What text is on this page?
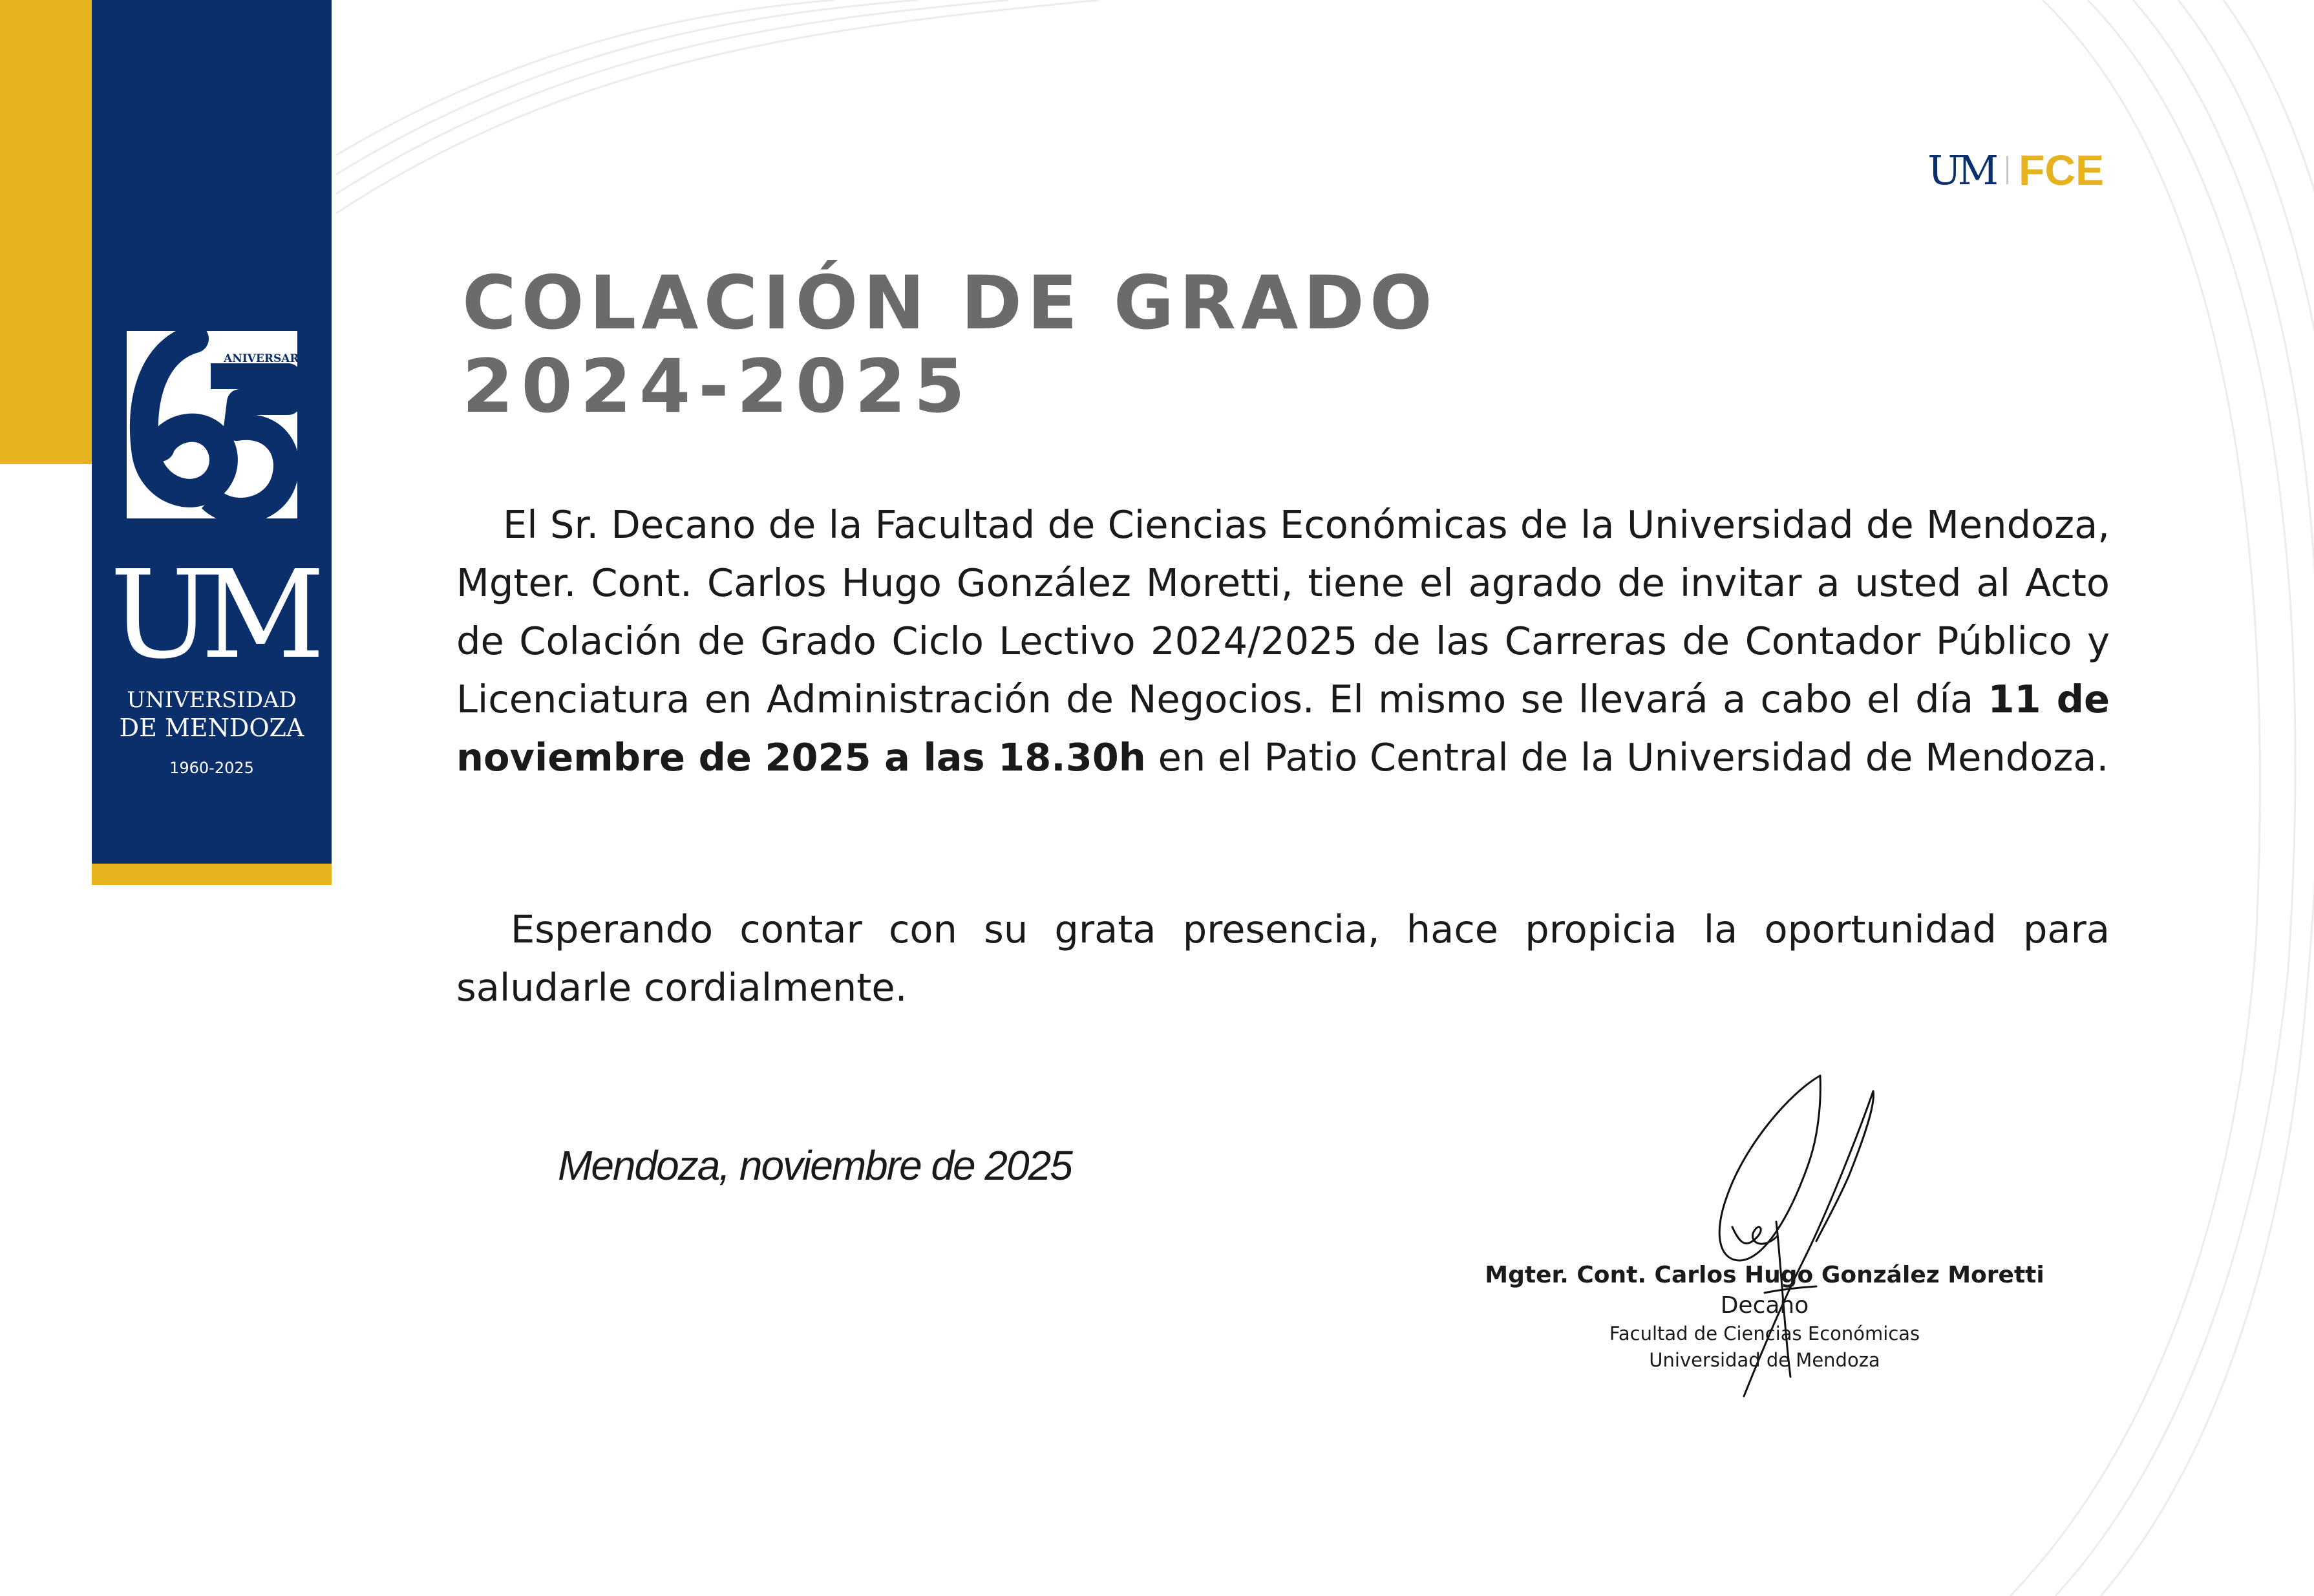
ANIVERSARIO
UM
UNIVERSIDAD
DE MENDOZA
1960-2025
UM FCE
COLACIÓN DE GRADO
2024-2025

El Sr. Decano de la Facultad de Ciencias Económicas de la Universidad de Mendoza, Mgter. Cont. Carlos Hugo González Moretti, tiene el agrado de invitar a usted al Acto de Colación de Grado Ciclo Lectivo 2024/2025 de las Carreras de Contador Público y Licenciatura en Administración de Negocios. El mismo se llevará a cabo el día 11 de noviembre de 2025 a las 18.30h en el Patio Central de la Universidad de Mendoza.

Esperando contar con su grata presencia, hace propicia la oportunidad para saludarle cordialmente.

Mendoza, noviembre de 2025
Mgter. Cont. Carlos Hugo González Moretti
Decano
Facultad de Ciencias Económicas
Universidad de Mendoza
